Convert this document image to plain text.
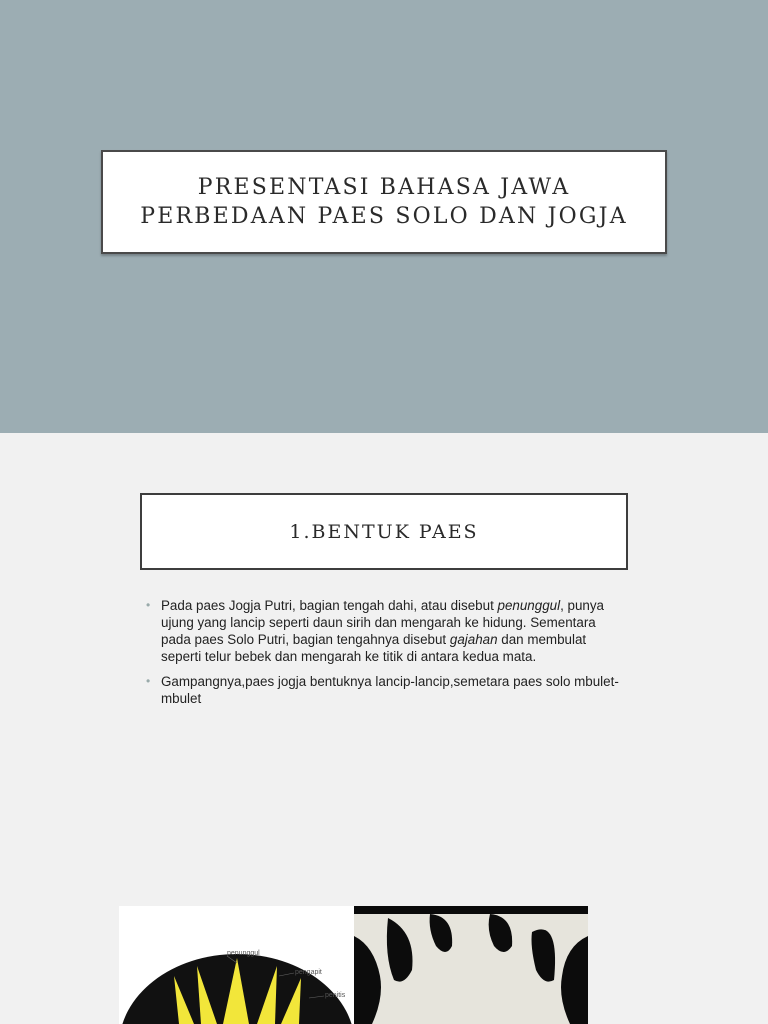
PRESENTASI BAHASA JAWA
PERBEDAAN PAES SOLO DAN JOGJA
1.BENTUK PAES
• Pada paes Jogja Putri, bagian tengah dahi, atau disebut penunggul, punya ujung yang lancip seperti daun sirih dan mengarah ke hidung. Sementara pada paes Solo Putri, bagian tengahnya disebut gajahan dan membulat seperti telur bebek dan mengarah ke titik di antara kedua mata.
• Gampangnya,paes jogja bentuknya lancip-lancip,semetara paes solo mbulet-mbulet
penunggul
pengapit
penitis
